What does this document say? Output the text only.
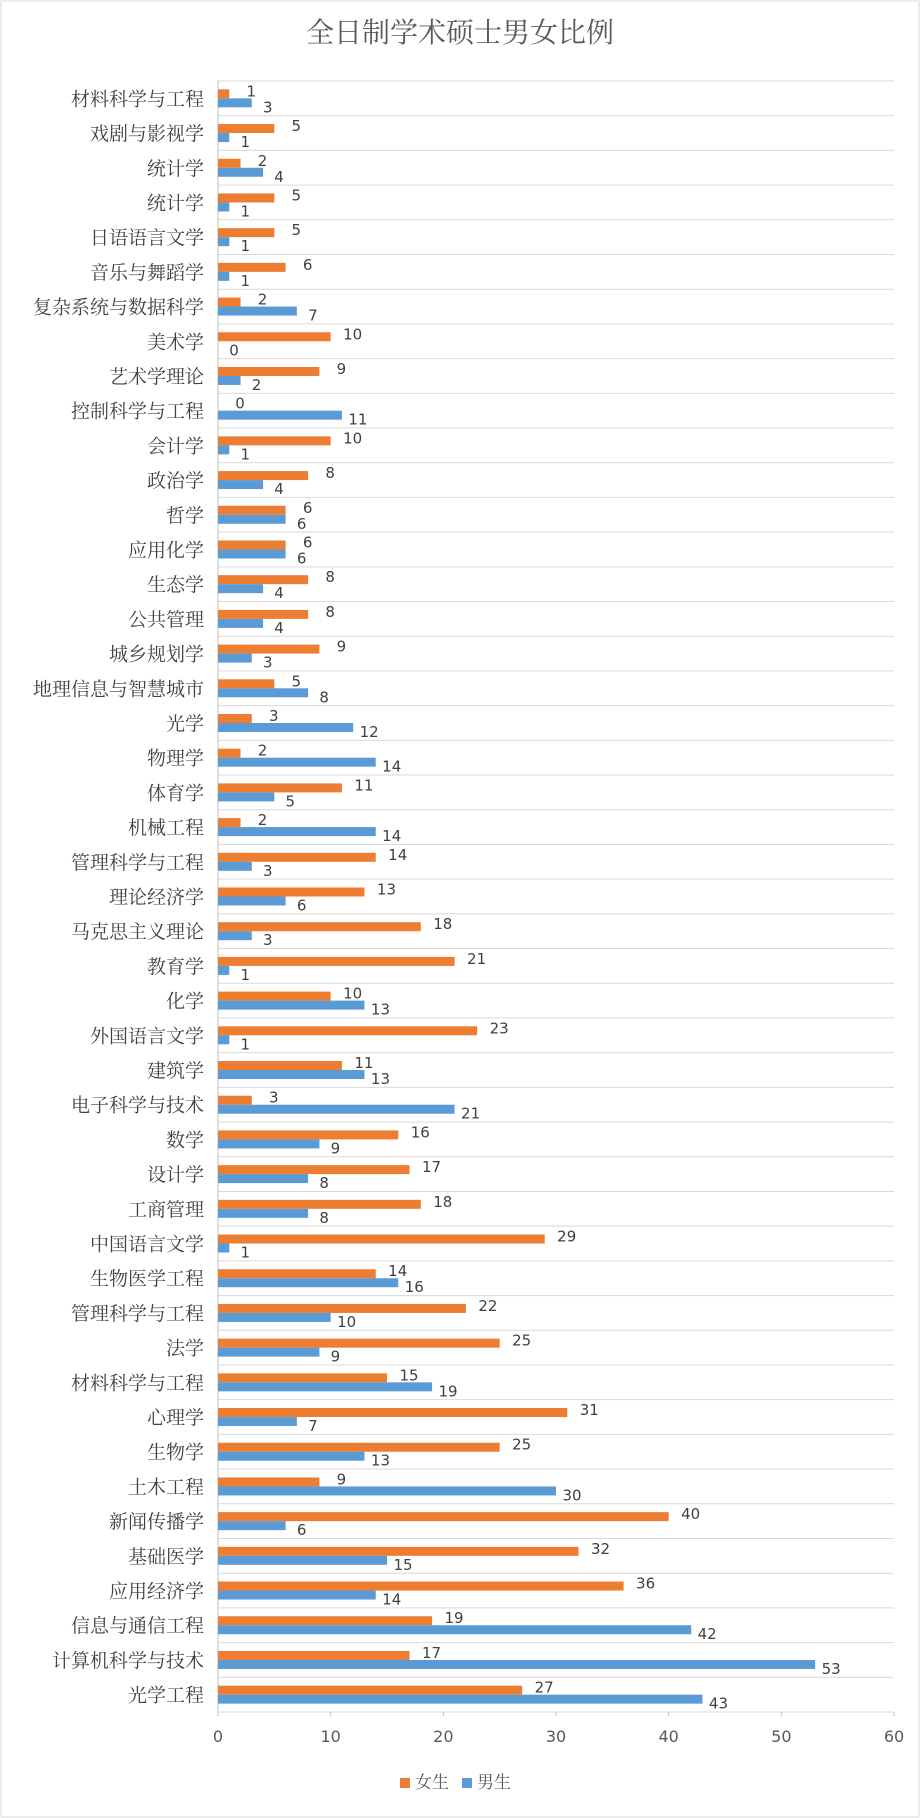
全日制学术硕士男女比例
材料科学与工程
戏剧与影视学
统计学
统计学
日语语言文学
音乐与舞蹈学
复杂系统与数据科学
美术学
艺术学理论
控制科学与工程
会计学
政治学
哲学
应用化学
生态学
公共管理
城乡规划学
地理信息与智慧城市
光学
物理学
体育学
机械工程
管理科学与工程
理论经济学
马克思主义理论
教育学
化学
外国语言文学
建筑学
电子科学与技术
数学
设计学
工商管理
中国语言文学
生物医学工程
管理科学与工程
法学
材料科学与工程
心理学
生物学
土木工程
新闻传播学
基础医学
应用经济学
信息与通信工程
计算机科学与技术
光学工程
1
5
2
5
5
6
2
10
9
0
10
8
6
6
8
8
9
5
3
2
11
2
14
13
18
21
10
23
11
3
16
17
18
29
14
22
25
15
31
25
9
40
32
36
19
17
27
3
1
4
1
1
1
7
0
2
11
1
4
6
6
4
4
3
8
12
14
5
14
3
6
3
1
13
1
13
21
9
8
8
1
16
10
9
19
7
13
30
6
15
14
42
53
43
0	10	20	30	40	50	60
女生 男生
